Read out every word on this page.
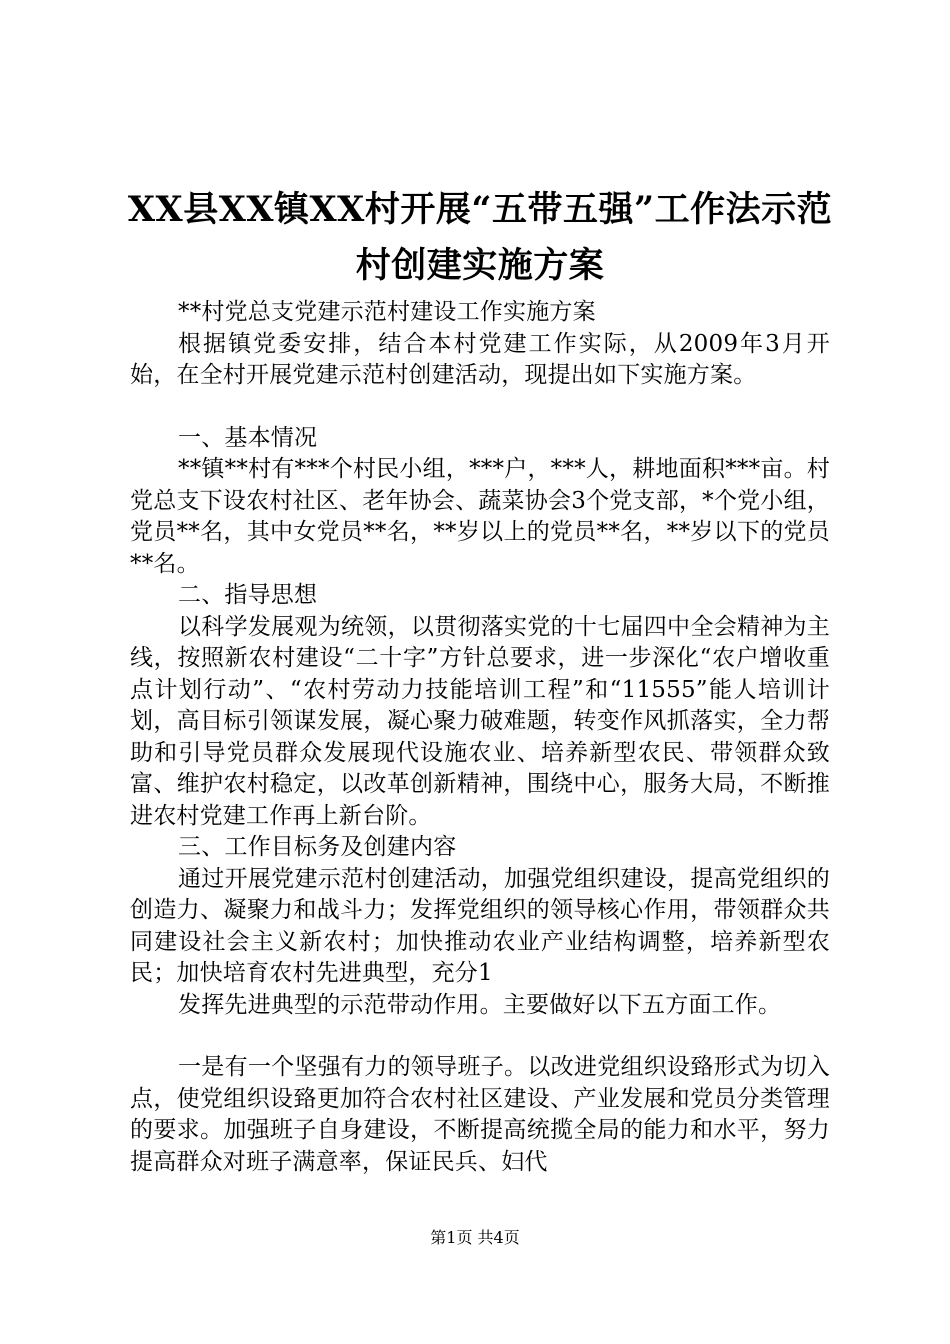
XX县XX镇XX村开展“五带五强”工作法示范
村创建实施方案

**村党总支党建示范村建设工作实施方案

根据镇党委安排，结合本村党建工作实际，从2009年3月开始，在全村开展党建示范村创建活动，现提出如下实施方案。

一、基本情况

**镇**村有***个村民小组，***户，***人，耕地面积***亩。村党总支下设农村社区、老年协会、蔬菜协会3个党支部，*个党小组，党员**名，其中女党员**名，**岁以上的党员**名，**岁以下的党员**名。

二、指导思想

以科学发展观为统领，以贯彻落实党的十七届四中全会精神为主线，按照新农村建设“二十字”方针总要求，进一步深化“农户增收重点计划行动”、“农村劳动力技能培训工程”和“11555”能人培训计划，高目标引领谋发展，凝心聚力破难题，转变作风抓落实，全力帮助和引导党员群众发展现代设施农业、培养新型农民、带领群众致富、维护农村稳定，以改革创新精神，围绕中心，服务大局，不断推进农村党建工作再上新台阶。

三、工作目标务及创建内容

通过开展党建示范村创建活动，加强党组织建设，提高党组织的创造力、凝聚力和战斗力；发挥党组织的领导核心作用，带领群众共同建设社会主义新农村；加快推动农业产业结构调整，培养新型农民；加快培育农村先进典型，充分1

发挥先进典型的示范带动作用。主要做好以下五方面工作。

一是有一个坚强有力的领导班子。以改进党组织设臵形式为切入点，使党组织设臵更加符合农村社区建设、产业发展和党员分类管理的要求。加强班子自身建设，不断提高统揽全局的能力和水平，努力提高群众对班子满意率，保证民兵、妇代

第1页 共4页
